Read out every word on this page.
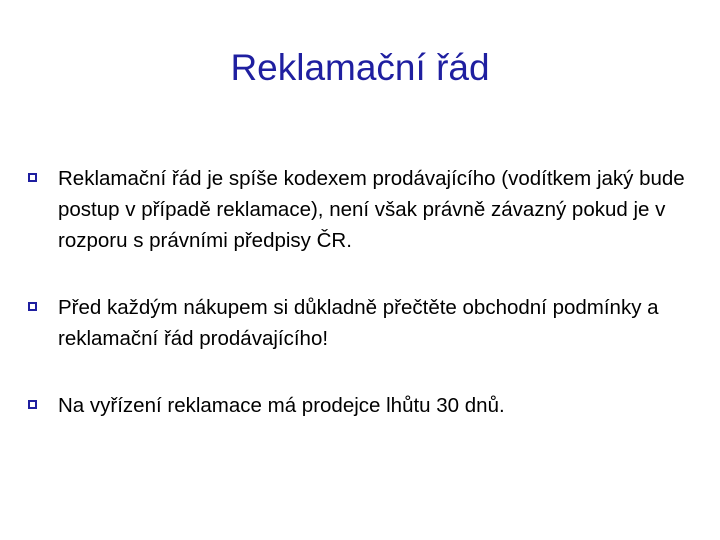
Reklamační řád
Reklamační řád je spíše kodexem prodávajícího (vodítkem jaký bude postup v případě reklamace), není však právně závazný pokud je v rozporu s právními předpisy ČR.
Před každým nákupem si důkladně přečtěte obchodní podmínky a reklamační řád prodávajícího!
Na vyřízení reklamace má prodejce lhůtu 30 dnů.
